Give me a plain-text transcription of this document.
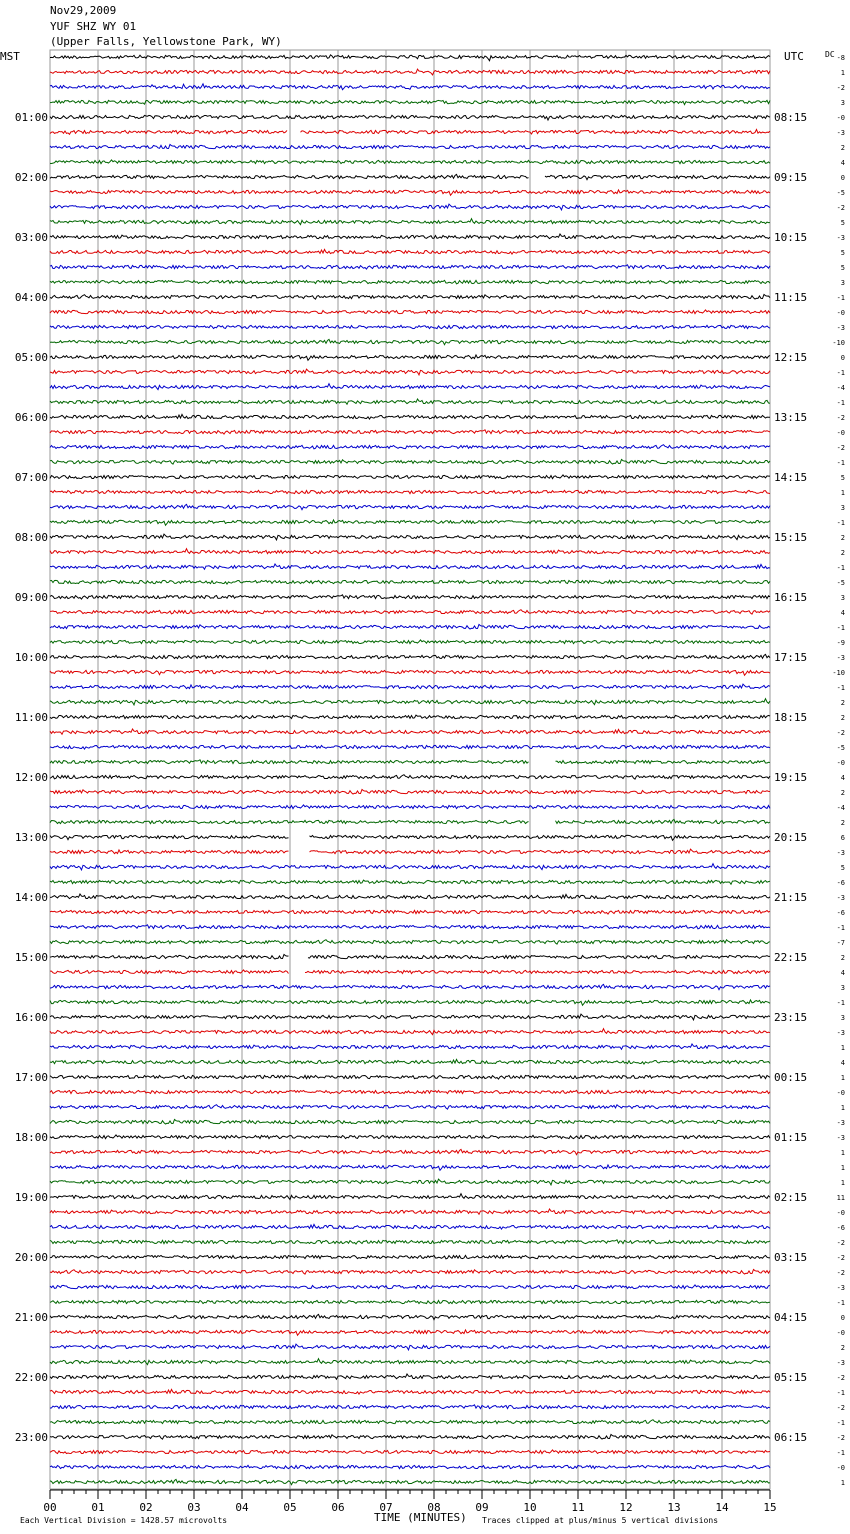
Nov29,2009
YUF SHZ WY 01
(Upper Falls, Yellowstone Park, WY)
MST	UTC	DC -8
1
-2
3
-0
-3
2
4
0
-5
-2
5
-3
5
5
3
-1
-0
-3
-10
0
-1
-4
-1
-2
-0
-2
-1
5
1
3
-1
2
2
-1
-5
3
4
-1
-9
-3
-10
-1
2
2
-2
-5
-0
4
2
-4
2
6
-3
5
-6
-3
-6
-1
-7
2
4
3
-1
3
-3
1
4
1
-0
1
-3
-3
1
1
1
11
-0
-6
-2
-2
-2
-3
-1
0
-0
2
-3
-2
-1
-2
-1
-2
-1
-0
1
01:00	08:15
02:00	09:15
03:00	10:15
04:00	11:15
05:00	12:15
06:00	13:15
07:00	14:15
08:00	15:15
09:00	16:15
10:00	17:15
11:00	18:15
12:00	19:15
13:00	20:15
14:00	21:15
15:00	22:15
16:00	23:15
17:00	00:15
18:00	01:15
19:00	02:15
20:00	03:15
21:00	04:15
22:00	05:15
23:00	06:15
00	01	02	03	04	05	06	07	08	09	10	11	12	13	14	15
Each Vertical Division = 1428.57 microvolts	TIME (MINUTES) Traces clipped at plus/minus 5 vertical divisions
